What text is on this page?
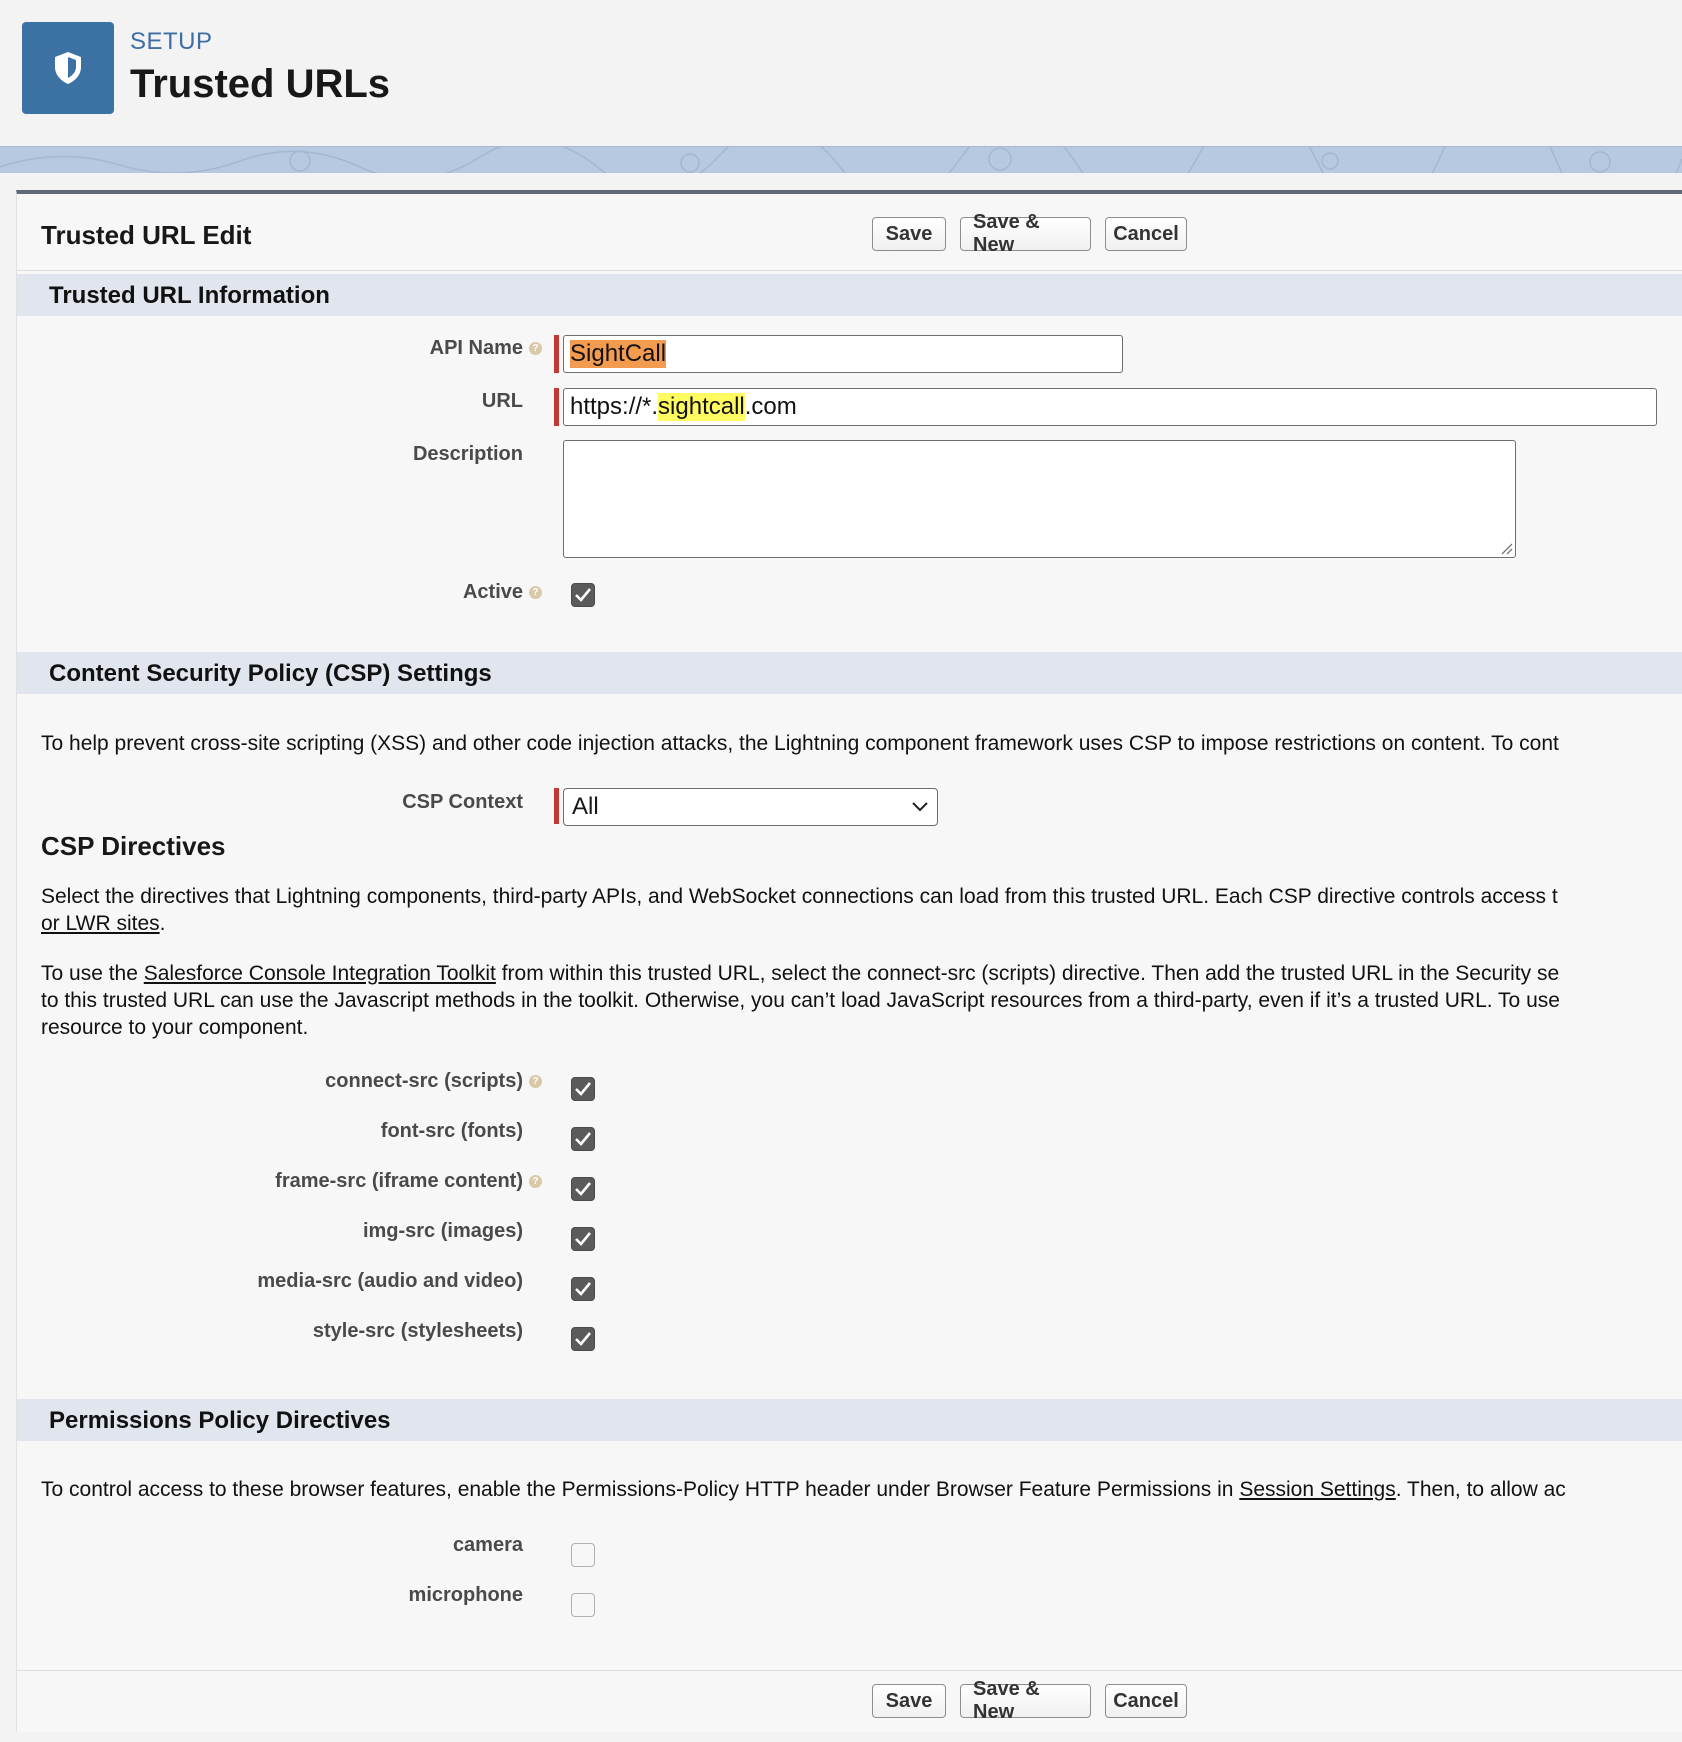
SETUP
Trusted URLs
Trusted URL Edit	Save
Save & New
Cancel
Trusted URL Information
API Name ? SightCall
URL https://*. sightcall .com
Description
Active ?
Content Security Policy (CSP) Settings
To help prevent cross-site scripting (XSS) and other code injection attacks, the Lightning component framework uses CSP to impose restrictions on content. To cont
CSP Context All
CSP Directives
Select the directives that Lightning components, third-party APIs, and WebSocket connections can load from this trusted URL. Each CSP directive controls access t
or LWR sites.
To use the Salesforce Console Integration Toolkit from within this trusted URL, select the connect-src (scripts) directive. Then add the trusted URL in the Security se
to this trusted URL can use the Javascript methods in the toolkit. Otherwise, you can’t load JavaScript resources from a third-party, even if it’s a trusted URL. To use
resource to your component.
connect-src (scripts) ?
font-src (fonts)
frame-src (iframe content) ?
img-src (images)
media-src (audio and video)
style-src (stylesheets)
Permissions Policy Directives
To control access to these browser features, enable the Permissions-Policy HTTP header under Browser Feature Permissions in Session Settings. Then, to allow ac
camera
microphone
Save
Save & New
Cancel
